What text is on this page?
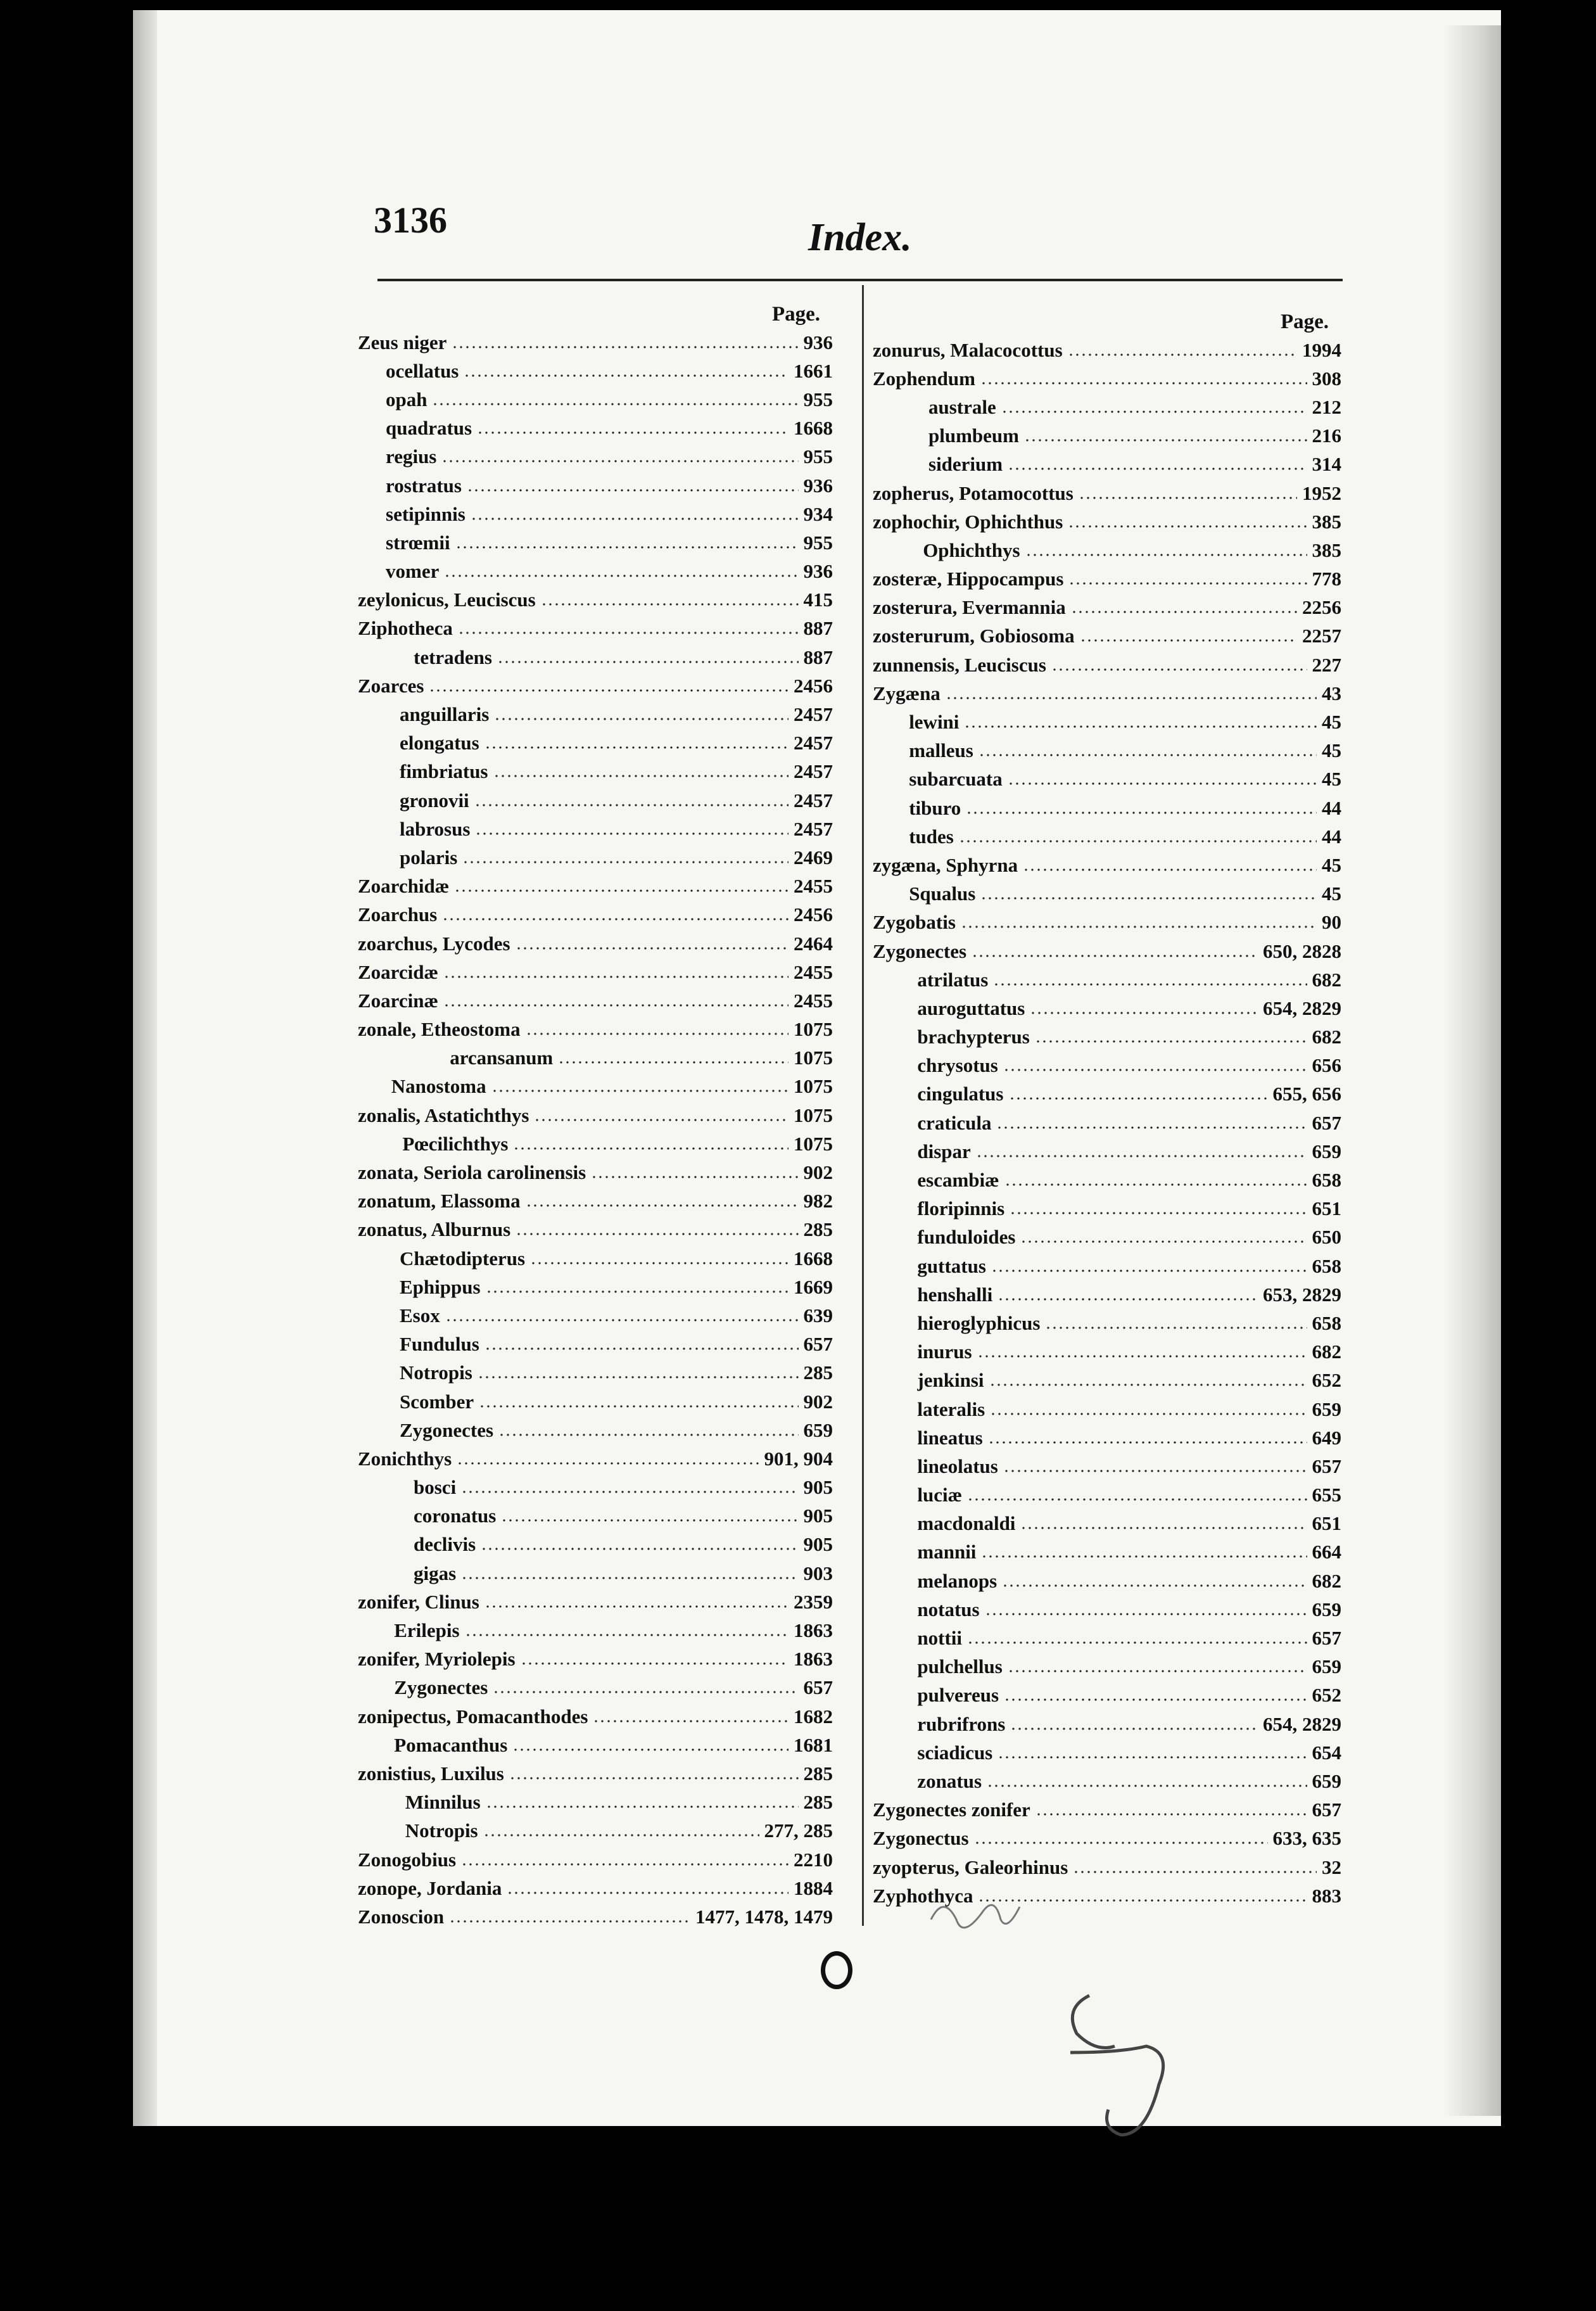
3136	Index.
Page.
Zeus niger	936
ocellatus	1661
opah	955
quadratus	1668
regius	955
rostratus	936
setipinnis	934
strœmii	955
vomer	936
zeylonicus, Leuciscus	415
Ziphotheca	887
tetradens	887
Zoarces	2456
anguillaris	2457
elongatus	2457
fimbriatus	2457
gronovii	2457
labrosus	2457
polaris	2469
Zoarchidæ	2455
Zoarchus	2456
zoarchus, Lycodes	2464
Zoarcidæ	2455
Zoarcinæ	2455
zonale, Etheostoma	1075
arcansanum	1075
Nanostoma	1075
zonalis, Astatichthys	1075
Pœcilichthys	1075
zonata, Seriola carolinensis	902
zonatum, Elassoma	982
zonatus, Alburnus	285
Chætodipterus	1668
Ephippus	1669
Esox	639
Fundulus	657
Notropis	285
Scomber	902
Zygonectes	659
Zonichthys	901, 904
bosci	905
coronatus	905
declivis	905
gigas	903
zonifer, Clinus	2359
Erilepis	1863
zonifer, Myriolepis	1863
Zygonectes	657
zonipectus, Pomacanthodes	1682
Pomacanthus	1681
zonistius, Luxilus	285
Minnilus	285
Notropis	277, 285
Zonogobius	2210
zonope, Jordania	1884
Zonoscion	1477, 1478, 1479
Page.
zonurus, Malacocottus	1994
Zophendum	308
australe	212
plumbeum	216
siderium	314
zopherus, Potamocottus	1952
zophochir, Ophichthus	385
Ophichthys	385
zosteræ, Hippocampus	778
zosterura, Evermannia	2256
zosterurum, Gobiosoma	2257
zunnensis, Leuciscus	227
Zygæna	43
lewini	45
malleus	45
subarcuata	45
tiburo	44
tudes	44
zygæna, Sphyrna	45
Squalus	45
Zygobatis	90
Zygonectes	650, 2828
atrilatus	682
auroguttatus	654, 2829
brachypterus	682
chrysotus	656
cingulatus	655, 656
craticula	657
dispar	659
escambiæ	658
floripinnis	651
funduloides	650
guttatus	658
henshalli	653, 2829
hieroglyphicus	658
inurus	682
jenkinsi	652
lateralis	659
lineatus	649
lineolatus	657
luciæ	655
macdonaldi	651
mannii	664
melanops	682
notatus	659
nottii	657
pulchellus	659
pulvereus	652
rubrifrons	654, 2829
sciadicus	654
zonatus	659
Zygonectes zonifer	657
Zygonectus	633, 635
zyopterus, Galeorhinus	32
Zyphothyca	883
